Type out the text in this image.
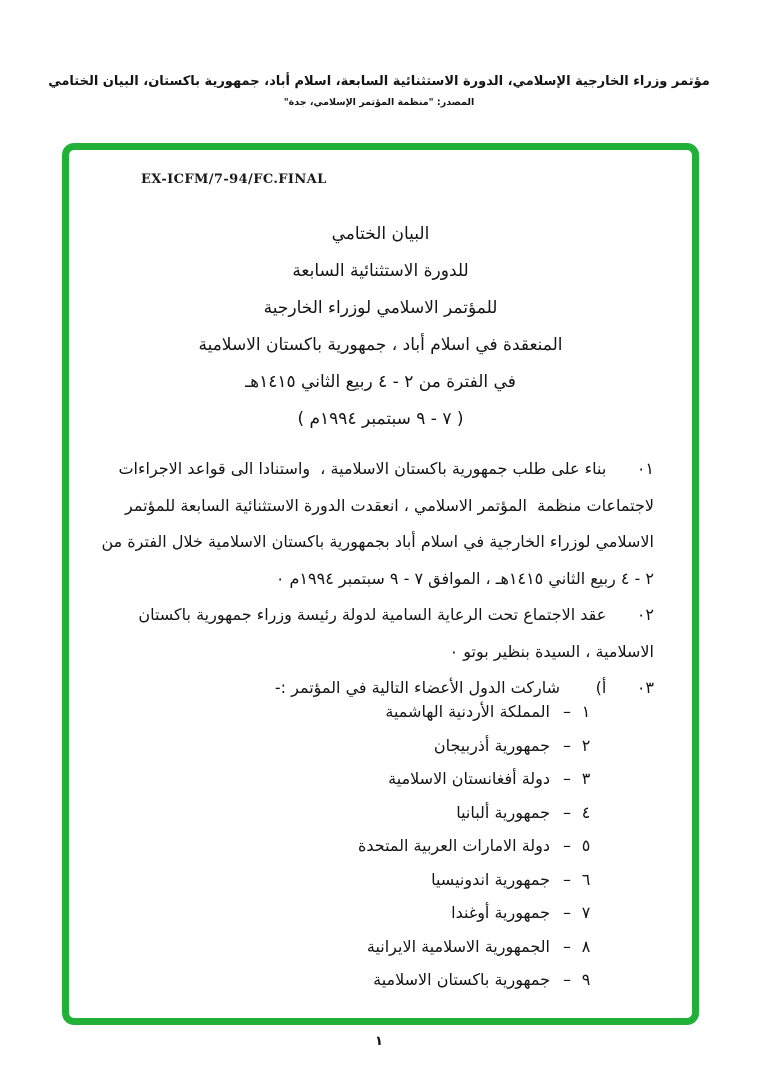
مؤتمر وزراء الخارجية الإسلامي، الدورة الاستثنائية السابعة، اسلام أباد، جمهورية باكستان، البيان الختامي
المصدر: "منظمة المؤتمر الإسلامي، جدة"
EX-ICFM/7-94/FC.FINAL
البيان الختامي
للدورة الاستثنائية السابعة
للمؤتمر الاسلامي لوزراء الخارجية
المنعقدة في اسلام أباد ، جمهورية باكستان الاسلامية
في الفترة من ٢ - ٤ ربيع الثاني ١٤١٥هـ
( ٧ - ٩ سبتمبر ١٩٩٤م )
٠١      بناء على طلب جمهورية باكستان الاسلامية ،  واستنادا الى قواعد الاجراءات
لاجتماعات منظمة  المؤتمر الاسلامي ، انعقدت الدورة الاستثنائية السابعة للمؤتمر
الاسلامي لوزراء الخارجية في اسلام أباد بجمهورية باكستان الاسلامية خلال الفترة من
٢ - ٤ ربيع الثاني ١٤١٥هـ ، الموافق ٧ - ٩ سبتمبر ١٩٩٤م ٠
٠٢      عقد الاجتماع تحت الرعاية السامية لدولة رئيسة وزراء جمهورية باكستان
الاسلامية ، السيدة بنظير بوتو ٠
٠٣      أ)       شاركت الدول الأعضاء التالية في المؤتمر :-
١
–
المملكة الأردنية الهاشمية
٢
–
جمهورية أذربيجان
٣
–
دولة أفغانستان الاسلامية
٤
–
جمهورية ألبانيا
٥
–
دولة الامارات العربية المتحدة
٦
–
جمهورية اندونيسيا
٧
–
جمهورية أوغندا
٨
–
الجمهورية الاسلامية الايرانية
٩
–
جمهورية باكستان الاسلامية
١
